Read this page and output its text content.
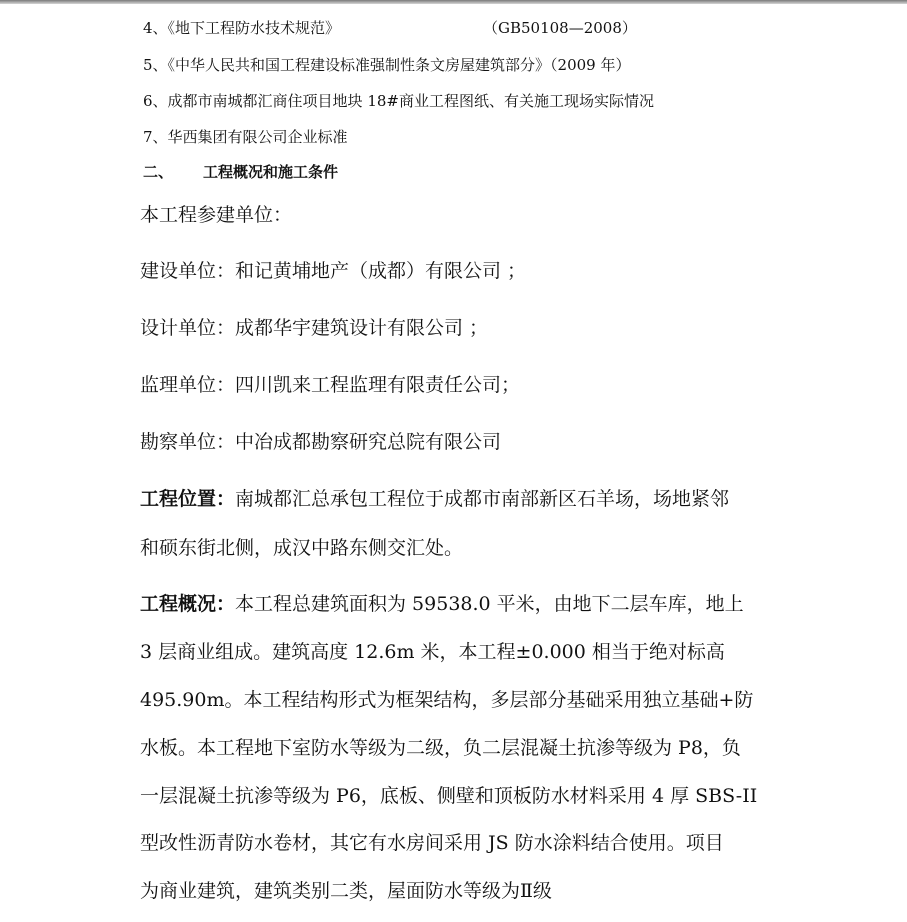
4、《地下工程防水技术规范》	（GB50108—2008）
5、《中华人民共和国工程建设标准强制性条文房屋建筑部分》（2009 年）
6、成都市南城都汇商住项目地块 18#商业工程图纸、有关施工现场实际情况
7、华西集团有限公司企业标准
二、 工程概况和施工条件
本工程参建单位：
建设单位：和记黄埔地产（成都）有限公司 ；
设计单位：成都华宇建筑设计有限公司 ；
监理单位：四川凯来工程监理有限责任公司；
勘察单位：中冶成都勘察研究总院有限公司
工程位置：南城都汇总承包工程位于成都市南部新区石羊场，场地紧邻
和硕东街北侧，成汉中路东侧交汇处。
工程概况：本工程总建筑面积为 59538.0 平米，由地下二层车库，地上
3 层商业组成。建筑高度 12.6m 米，本工程±0.000 相当于绝对标高
495.90m。本工程结构形式为框架结构，多层部分基础采用独立基础+防
水板。本工程地下室防水等级为二级，负二层混凝土抗渗等级为 P8，负
一层混凝土抗渗等级为 P6，底板、侧壁和顶板防水材料采用 4 厚 SBS-II
型改性沥青防水卷材，其它有水房间采用 JS 防水涂料结合使用。项目
为商业建筑，建筑类别二类，屋面防水等级为Ⅱ级
